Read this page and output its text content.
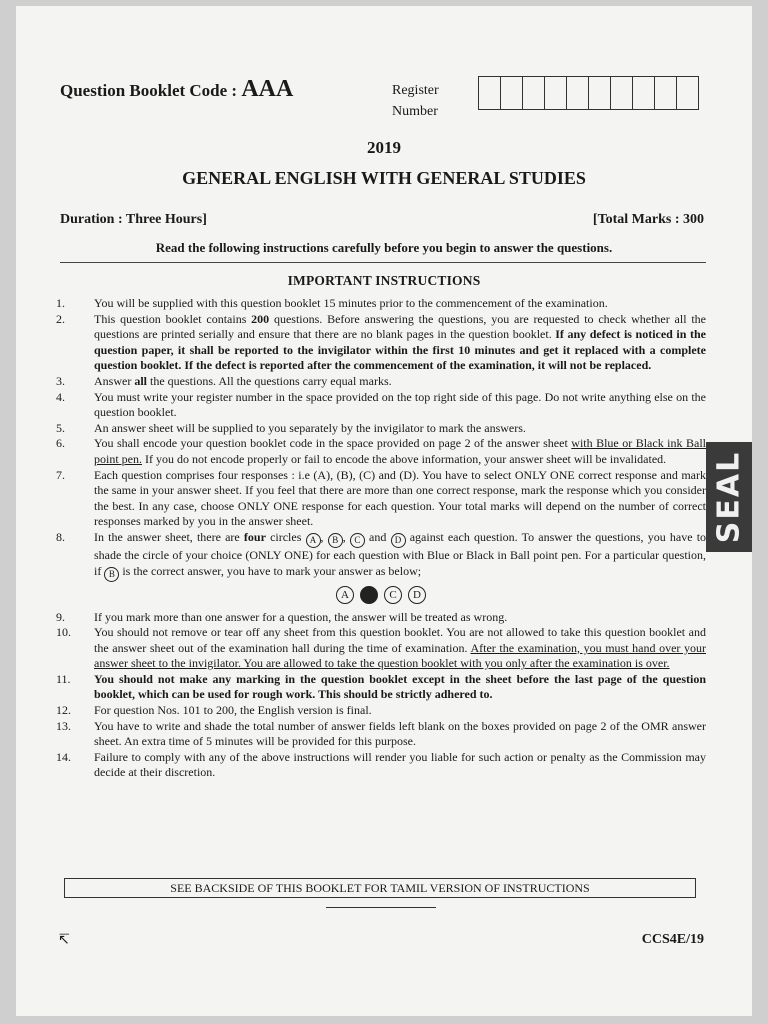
Question Booklet Code : AAA	Register
Number
2019
GENERAL ENGLISH WITH GENERAL STUDIES
Duration : Three Hours]	[Total Marks : 300
Read the following instructions carefully before you begin to answer the questions.
IMPORTANT INSTRUCTIONS
1.	You will be supplied with this question booklet 15 minutes prior to the commencement of the examination.
2.	This question booklet contains 200 questions. Before answering the questions, you are requested to check whether all the questions are printed serially and ensure that there are no blank pages in the question booklet. If any defect is noticed in the question paper, it shall be reported to the invigilator within the first 10 minutes and get it replaced with a complete question booklet. If the defect is reported after the commencement of the examination, it will not be replaced.
3.	Answer all the questions. All the questions carry equal marks.
4.	You must write your register number in the space provided on the top right side of this page. Do not write anything else on the question booklet.
5.	An answer sheet will be supplied to you separately by the invigilator to mark the answers.
6.	You shall encode your question booklet code in the space provided on page 2 of the answer sheet with Blue or Black ink Ball point pen. If you do not encode properly or fail to encode the above information, your answer sheet will be invalidated.
7.	Each question comprises four responses : i.e (A), (B), (C) and (D). You have to select ONLY ONE correct response and mark the same in your answer sheet. If you feel that there are more than one correct response, mark the response which you consider the best. In any case, choose ONLY ONE response for each question. Your total marks will depend on the number of correct responses marked by you in the answer sheet.
8.	In the answer sheet, there are four circles A , B , C and D against each question. To answer the questions, you have to shade the circle of your choice (ONLY ONE) for each question with Blue or Black in Ball point pen. For a particular question, if B is the correct answer, you have to mark your answer as below;
A B C D
9.	If you mark more than one answer for a question, the answer will be treated as wrong.
10.	You should not remove or tear off any sheet from this question booklet. You are not allowed to take this question booklet and the answer sheet out of the examination hall during the time of examination. After the examination, you must hand over your answer sheet to the invigilator. You are allowed to take the question booklet with you only after the examination is over.
11.	You should not make any marking in the question booklet except in the sheet before the last page of the question booklet, which can be used for rough work. This should be strictly adhered to.
12.	For question Nos. 101 to 200, the English version is final.
13.	You have to write and shade the total number of answer fields left blank on the boxes provided on page 2 of the OMR answer sheet. An extra time of 5 minutes will be provided for this purpose.
14.	Failure to comply with any of the above instructions will render you liable for such action or penalty as the Commission may decide at their discretion.
SEE BACKSIDE OF THIS BOOKLET FOR TAMIL VERSION OF INSTRUCTIONS
↸	CCS4E/19
SEAL
